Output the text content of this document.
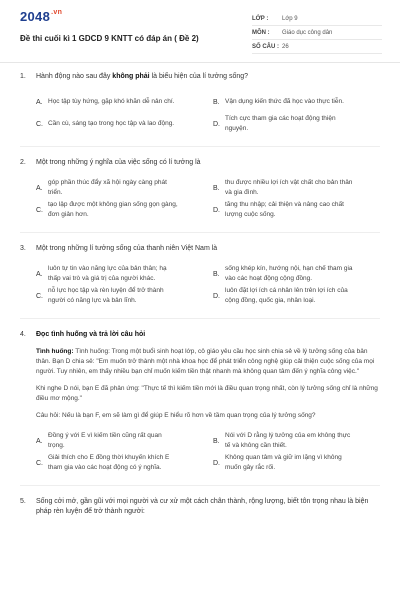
$2048^{.vn}$
Đề thi cuối kì 1 GDCD 9 KNTT có đáp án ( Đề 2)
LỚP :	Lớp 9
MÔN :	Giáo dục công dân
SỐ CÂU : 26
1.	Hành động nào sau đây không phải là biểu hiện của lí tưởng sống?
A. Học tập tùy hứng, gặp khó khăn dễ nản chí.	B. Vận dụng kiến thức đã học vào thực tiễn.
C. Cần cù, sáng tạo trong học tập và lao động.	D.
Tích cực tham gia các hoạt động thiện nguyện.
2.	Một trong những ý nghĩa của việc sống có lí tưởng là
A.
góp phần thúc đẩy xã hội ngày càng phát triển.
B.
thu được nhiều lợi ích vật chất cho bản thân và gia đình.
C.
tạo lập được một không gian sống gọn gàng, đơn giản hơn.
D.
tăng thu nhập; cải thiện và nâng cao chất lượng cuộc sống.
3.	Một trong những lí tưởng sống của thanh niên Việt Nam là
A.
luôn tự tin vào năng lực của bản thân; hạ thấp vai trò và giá trị của người khác.
B.
sống khép kín, hướng nội, hạn chế tham gia vào các hoạt động cộng đồng.
C.
nỗ lực học tập và rèn luyện để trở thành người có năng lực và bản lĩnh.
D.
luôn đặt lợi ích cá nhân lên trên lợi ích của cộng đồng, quốc gia, nhân loại.
4.	Đọc tình huống và trả lời câu hỏi
Tình huống: Tình huống: Trong một buổi sinh hoạt lớp, cô giáo yêu cầu học sinh chia sẻ về lý tưởng sống của bản thân. Bạn D chia sẻ: "Em muốn trở thành một nhà khoa học để phát triển công nghệ giúp cải thiện cuộc sống của mọi người. Tuy nhiên, em thấy nhiều bạn chỉ muốn kiếm tiền thật nhanh mà không quan tâm đến ý nghĩa công việc."
Khi nghe D nói, bạn E đã phản ứng: "Thực tế thì kiếm tiền mới là điều quan trọng nhất, còn lý tưởng sống chỉ là những điều mơ mộng."
Câu hỏi: Nếu là bạn F, em sẽ làm gì để giúp E hiểu rõ hơn về tầm quan trọng của lý tưởng sống?
A.
Đồng ý với E vì kiếm tiền cũng rất quan trọng.
B.
Nói với D rằng lý tưởng của em không thực tế và không cần thiết.
C.
Giải thích cho E đồng thời khuyến khích E tham gia vào các hoạt động có ý nghĩa.
D.
Không quan tâm và giữ im lặng vì không muốn gây rắc rối.
5.	Sống cởi mở, gần gũi với mọi người và cư xử một cách chân thành, rộng lượng, biết tôn trọng nhau là biện pháp rèn luyện để trở thành người:
